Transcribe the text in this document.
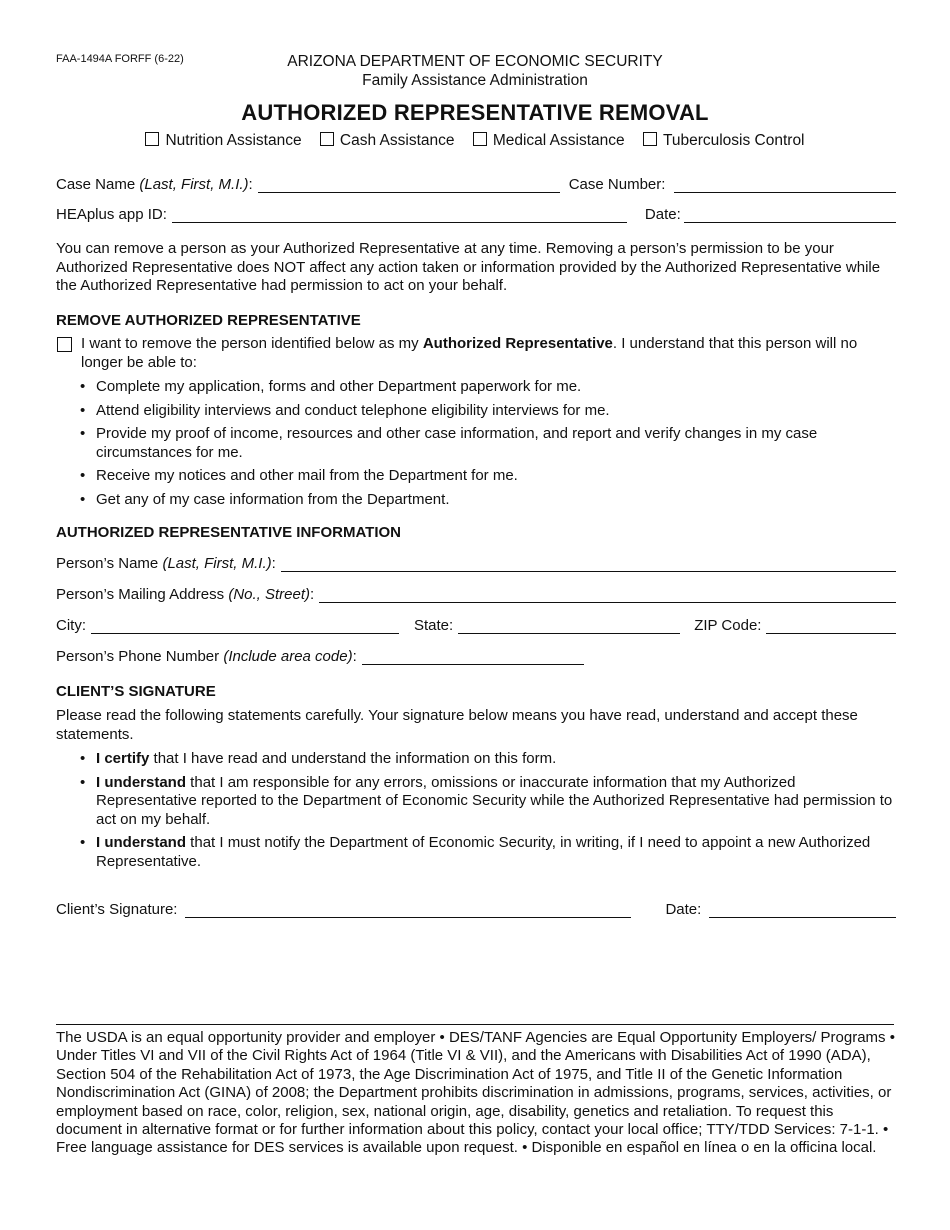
FAA-1494A FORFF (6-22)	ARIZONA DEPARTMENT OF ECONOMIC SECURITY
Family Assistance Administration
AUTHORIZED REPRESENTATIVE REMOVAL
Nutrition Assistance Cash Assistance Medical Assistance Tuberculosis Control
Case Name (Last, First, M.I.):	Case Number:
HEAplus app ID:	Date:
You can remove a person as your Authorized Representative at any time. Removing a person’s permission to be your Authorized Representative does NOT affect any action taken or information provided by the Authorized Representative while the Authorized Representative had permission to act on your behalf.
REMOVE AUTHORIZED REPRESENTATIVE
I want to remove the person identified below as my Authorized Representative. I understand that this person will no longer be able to:
• Complete my application, forms and other Department paperwork for me.
• Attend eligibility interviews and conduct telephone eligibility interviews for me.
• Provide my proof of income, resources and other case information, and report and verify changes in my case circumstances for me.
• Receive my notices and other mail from the Department for me.
• Get any of my case information from the Department.
AUTHORIZED REPRESENTATIVE INFORMATION
Person’s Name (Last, First, M.I.):
Person’s Mailing Address (No., Street):
City:	State:	ZIP Code:
Person’s Phone Number (Include area code):
CLIENT’S SIGNATURE
Please read the following statements carefully. Your signature below means you have read, understand and accept these statements.
• I certify that I have read and understand the information on this form.
• I understand that I am responsible for any errors, omissions or inaccurate information that my Authorized Representative reported to the Department of Economic Security while the Authorized Representative had permission to act on my behalf.
• I understand that I must notify the Department of Economic Security, in writing, if I need to appoint a new Authorized Representative.
Client’s Signature:	Date:
The USDA is an equal opportunity provider and employer • DES/TANF Agencies are Equal Opportunity Employers/ Programs • Under Titles VI and VII of the Civil Rights Act of 1964 (Title VI & VII), and the Americans with Disabilities Act of 1990 (ADA), Section 504 of the Rehabilitation Act of 1973, the Age Discrimination Act of 1975, and Title II of the Genetic Information Nondiscrimination Act (GINA) of 2008; the Department prohibits discrimination in admissions, programs, services, activities, or employment based on race, color, religion, sex, national origin, age, disability, genetics and retaliation. To request this document in alternative format or for further information about this policy, contact your local office; TTY/TDD Services: 7-1-1. • Free language assistance for DES services is available upon request. • Disponible en español en línea o en la officina local.
